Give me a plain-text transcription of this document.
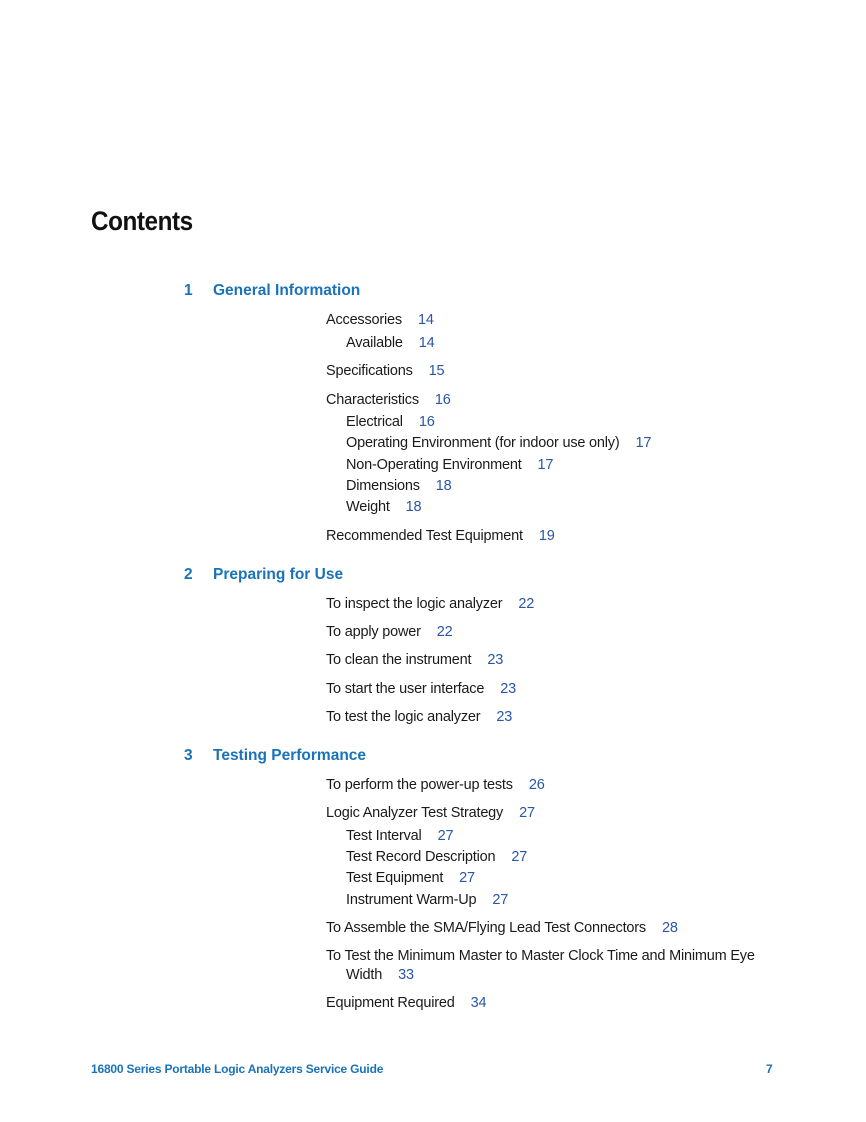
Contents
1 General Information
Accessories 14
Available 14
Specifications 15
Characteristics 16
Electrical 16
Operating Environment (for indoor use only) 17
Non-Operating Environment 17
Dimensions 18
Weight 18
Recommended Test Equipment 19
2 Preparing for Use
To inspect the logic analyzer 22
To apply power 22
To clean the instrument 23
To start the user interface 23
To test the logic analyzer 23
3 Testing Performance
To perform the power-up tests 26
Logic Analyzer Test Strategy 27
Test Interval 27
Test Record Description 27
Test Equipment 27
Instrument Warm-Up 27
To Assemble the SMA/Flying Lead Test Connectors 28
To Test the Minimum Master to Master Clock Time and Minimum Eye
Width 33
Equipment Required 34
16800 Series Portable Logic Analyzers Service Guide	7
